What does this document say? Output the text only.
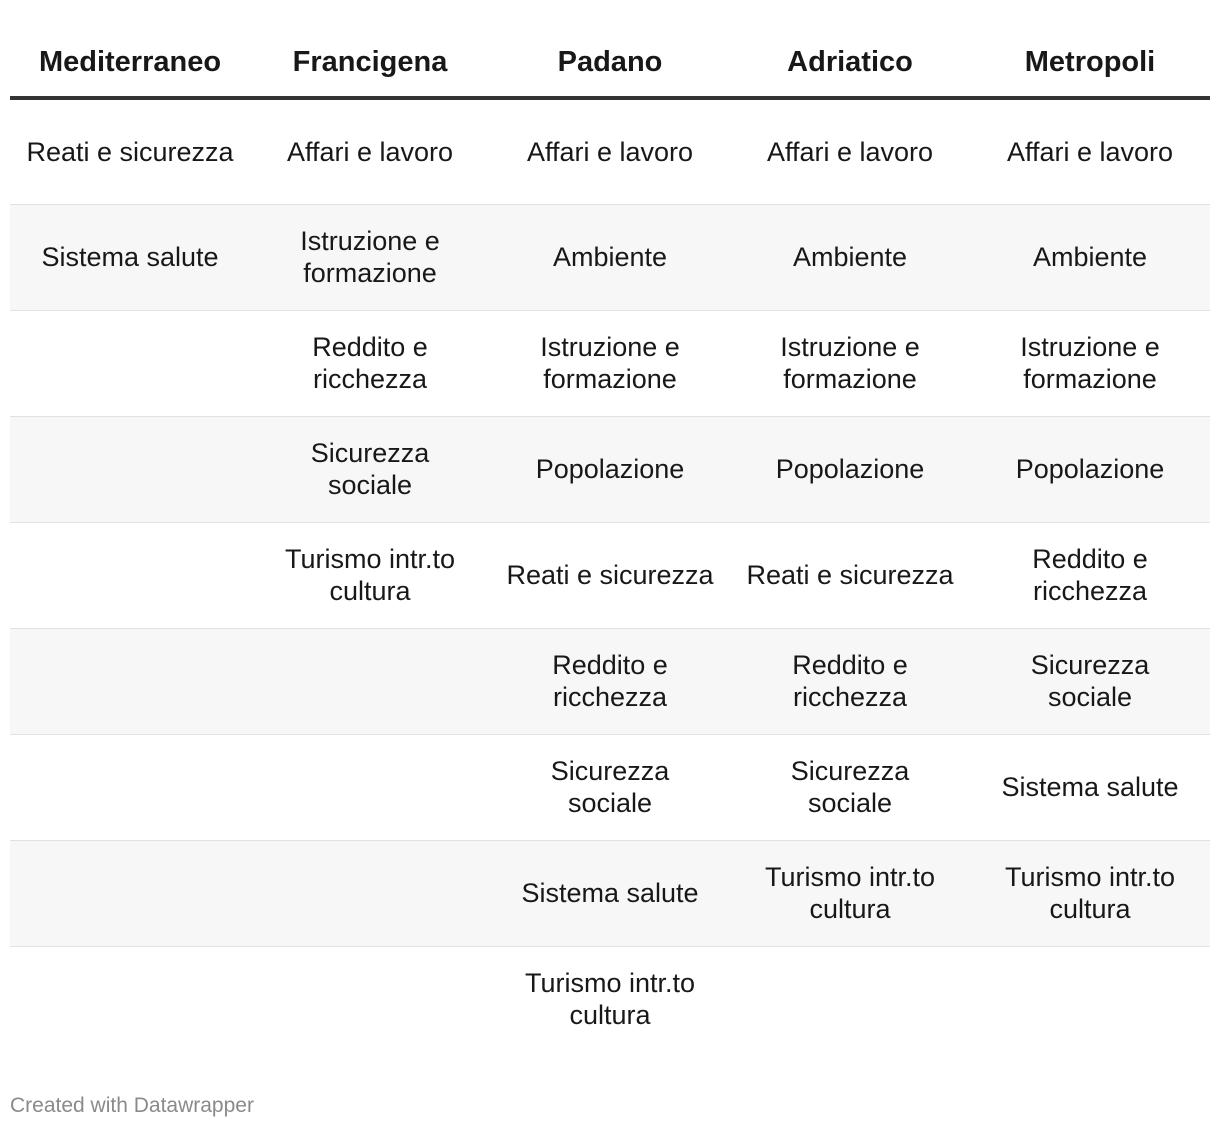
Mediterraneo	Francigena	Padano	Adriatico	Metropoli
Reati e sicurezza	Affari e lavoro	Affari e lavoro	Affari e lavoro	Affari e lavoro
Sistema salute	Istruzione e formazione	Ambiente	Ambiente	Ambiente
	Reddito e ricchezza	Istruzione e formazione	Istruzione e formazione	Istruzione e formazione
	Sicurezza sociale	Popolazione	Popolazione	Popolazione
	Turismo intr.to cultura	Reati e sicurezza	Reati e sicurezza	Reddito e ricchezza
		Reddito e ricchezza	Reddito e ricchezza	Sicurezza sociale
		Sicurezza sociale	Sicurezza sociale	Sistema salute
		Sistema salute	Turismo intr.to cultura	Turismo intr.to cultura
		Turismo intr.to cultura		
Created with Datawrapper
